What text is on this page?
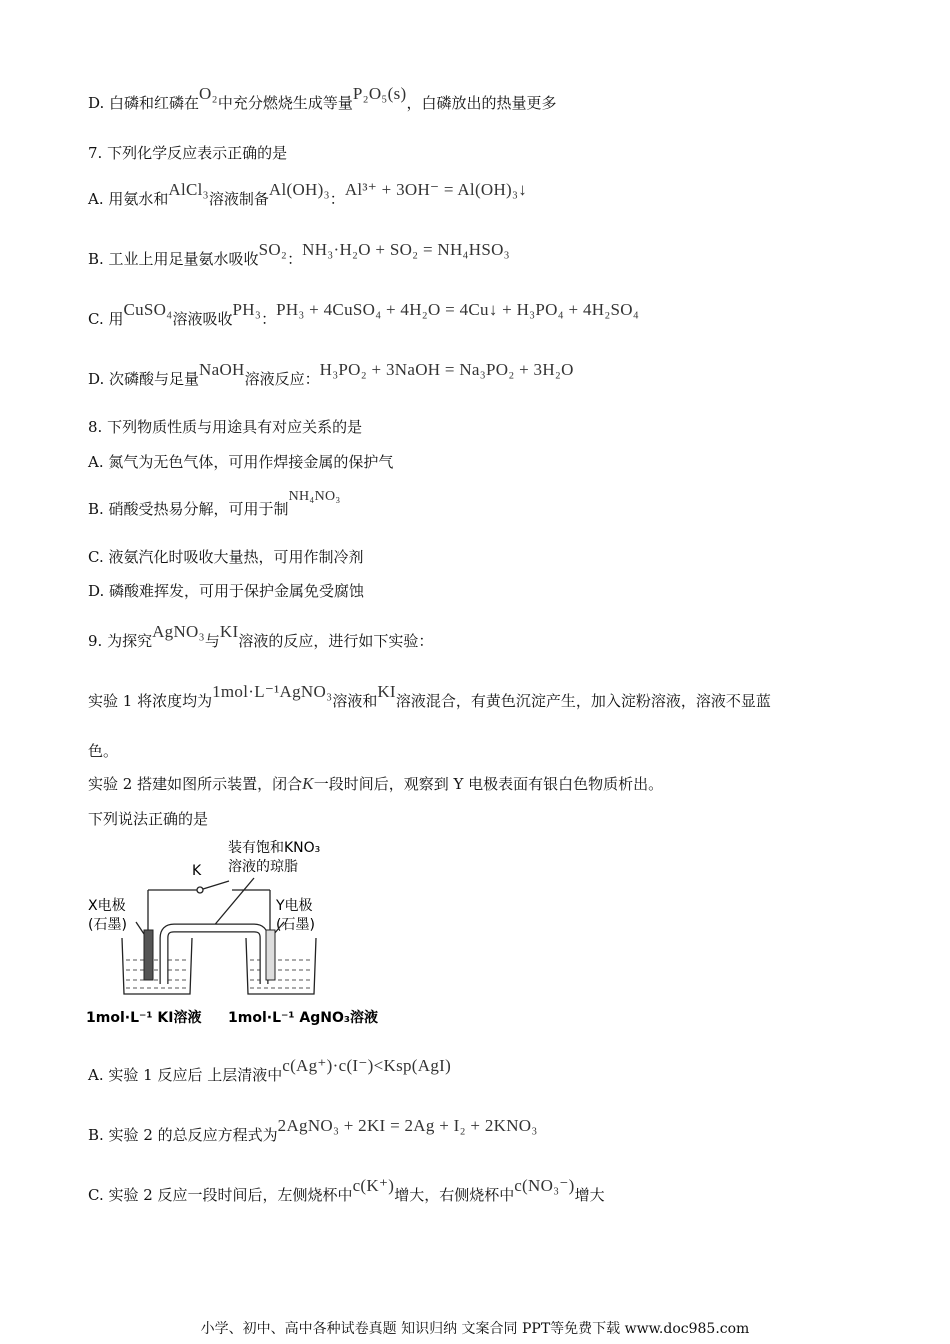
D. 白磷和红磷在O₂中充分燃烧生成等量P₂O₅(s)，白磷放出的热量更多
7. 下列化学反应表示正确的是
A. 用氨水和AlCl₃溶液制备Al(OH)₃：Al³⁺ + 3OH⁻ = Al(OH)₃↓
B. 工业上用足量氨水吸收SO₂：NH₃·H₂O + SO₂ = NH₄HSO₃
C. 用CuSO₄溶液吸收PH₃：PH₃ + 4CuSO₄ + 4H₂O = 4Cu↓ + H₃PO₄ + 4H₂SO₄
D. 次磷酸与足量NaOH溶液反应：H₃PO₂ + 3NaOH = Na₃PO₂ + 3H₂O
8. 下列物质性质与用途具有对应关系的是
A. 氮气为无色气体，可用作焊接金属的保护气
B. 硝酸受热易分解，可用于制NH₄NO₃
C. 液氨汽化时吸收大量热，可用作制冷剂
D. 磷酸难挥发，可用于保护金属免受腐蚀
9. 为探究AgNO₃与KI溶液的反应，进行如下实验：
实验 1 将浓度均为1mol·L⁻¹AgNO₃溶液和KI溶液混合，有黄色沉淀产生，加入淀粉溶液，溶液不显蓝
色。
实验 2 搭建如图所示装置，闭合K一段时间后，观察到 Y 电极表面有银白色物质析出。
下列说法正确的是
装有饱和KNO₃
溶液的琼脂
K
X电极
(石墨)
Y电极
(石墨)
1mol·L⁻¹ KI溶液 1mol·L⁻¹ AgNO₃溶液
A. 实验 1 反应后 上层清液中c(Ag⁺)·c(I⁻)<Ksp(AgI)
B. 实验 2 的总反应方程式为2AgNO₃ + 2KI = 2Ag + I₂ + 2KNO₃
C. 实验 2 反应一段时间后，左侧烧杯中c(K⁺)增大，右侧烧杯中c(NO₃⁻)增大
小学、初中、高中各种试卷真题 知识归纳 文案合同 PPT等免费下载 www.doc985.com
